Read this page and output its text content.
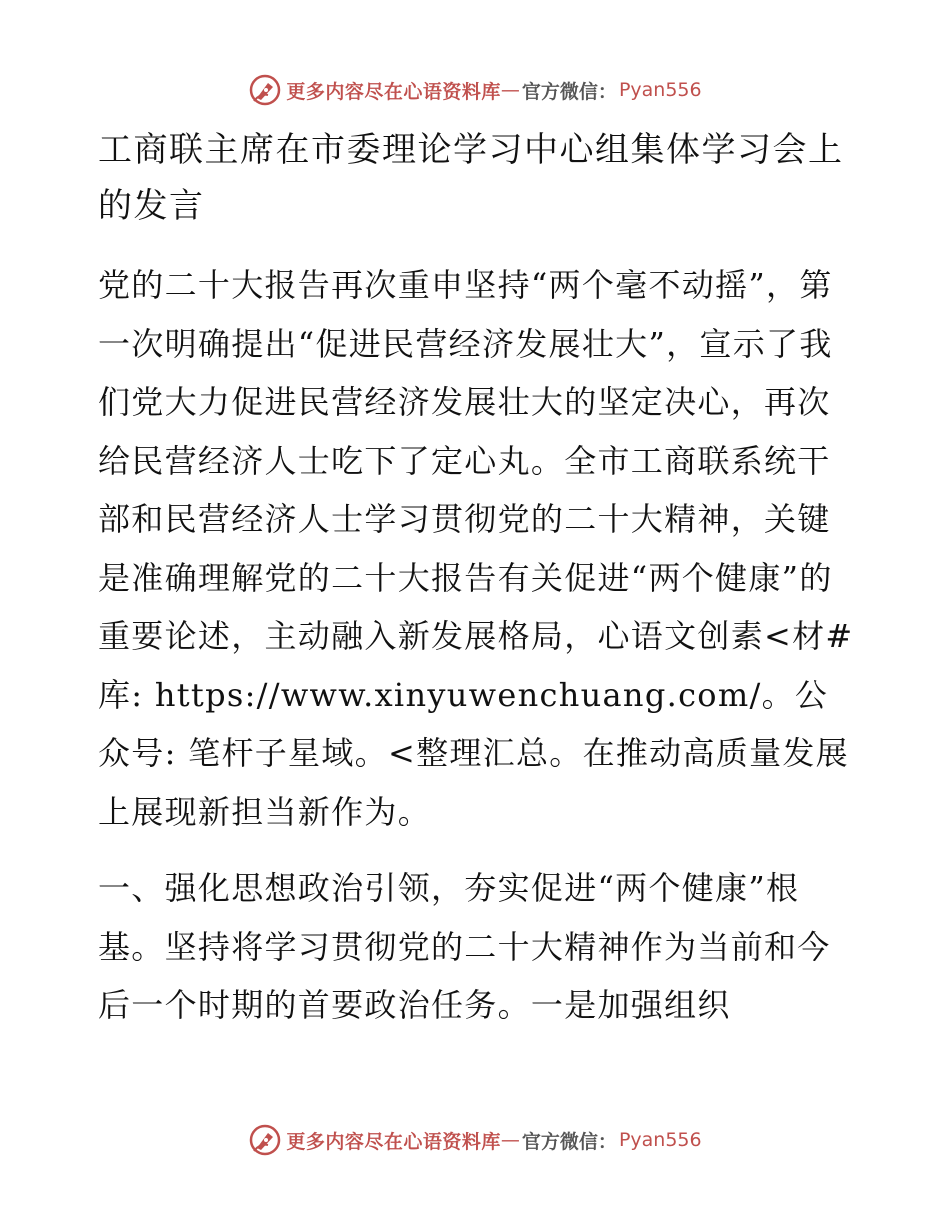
更多内容尽在心语资料库 — 官方微信： Pyan556
工商联主席在市委理论学习中心组集体学习会上的发言

党的二十大报告再次重申坚持“两个毫不动摇”，第一次明确提出“促进民营经济发展壮大”，宣示了我们党大力促进民营经济发展壮大的坚定决心，再次给民营经济人士吃下了定心丸。全市工商联系统干部和民营经济人士学习贯彻党的二十大精神，关键是准确理解党的二十大报告有关促进“两个健康”的重要论述，主动融入新发展格局，心语文创素<材#库: https://www.xinyuwenchuang.com/。公众号: 笔杆子星域。<整理汇总。在推动高质量发展上展现新担当新作为。

一、强化思想政治引领，夯实促进“两个健康”根基。坚持将学习贯彻党的二十大精神作为当前和今后一个时期的首要政治任务。一是加强组织

更多内容尽在心语资料库 — 官方微信： Pyan556
